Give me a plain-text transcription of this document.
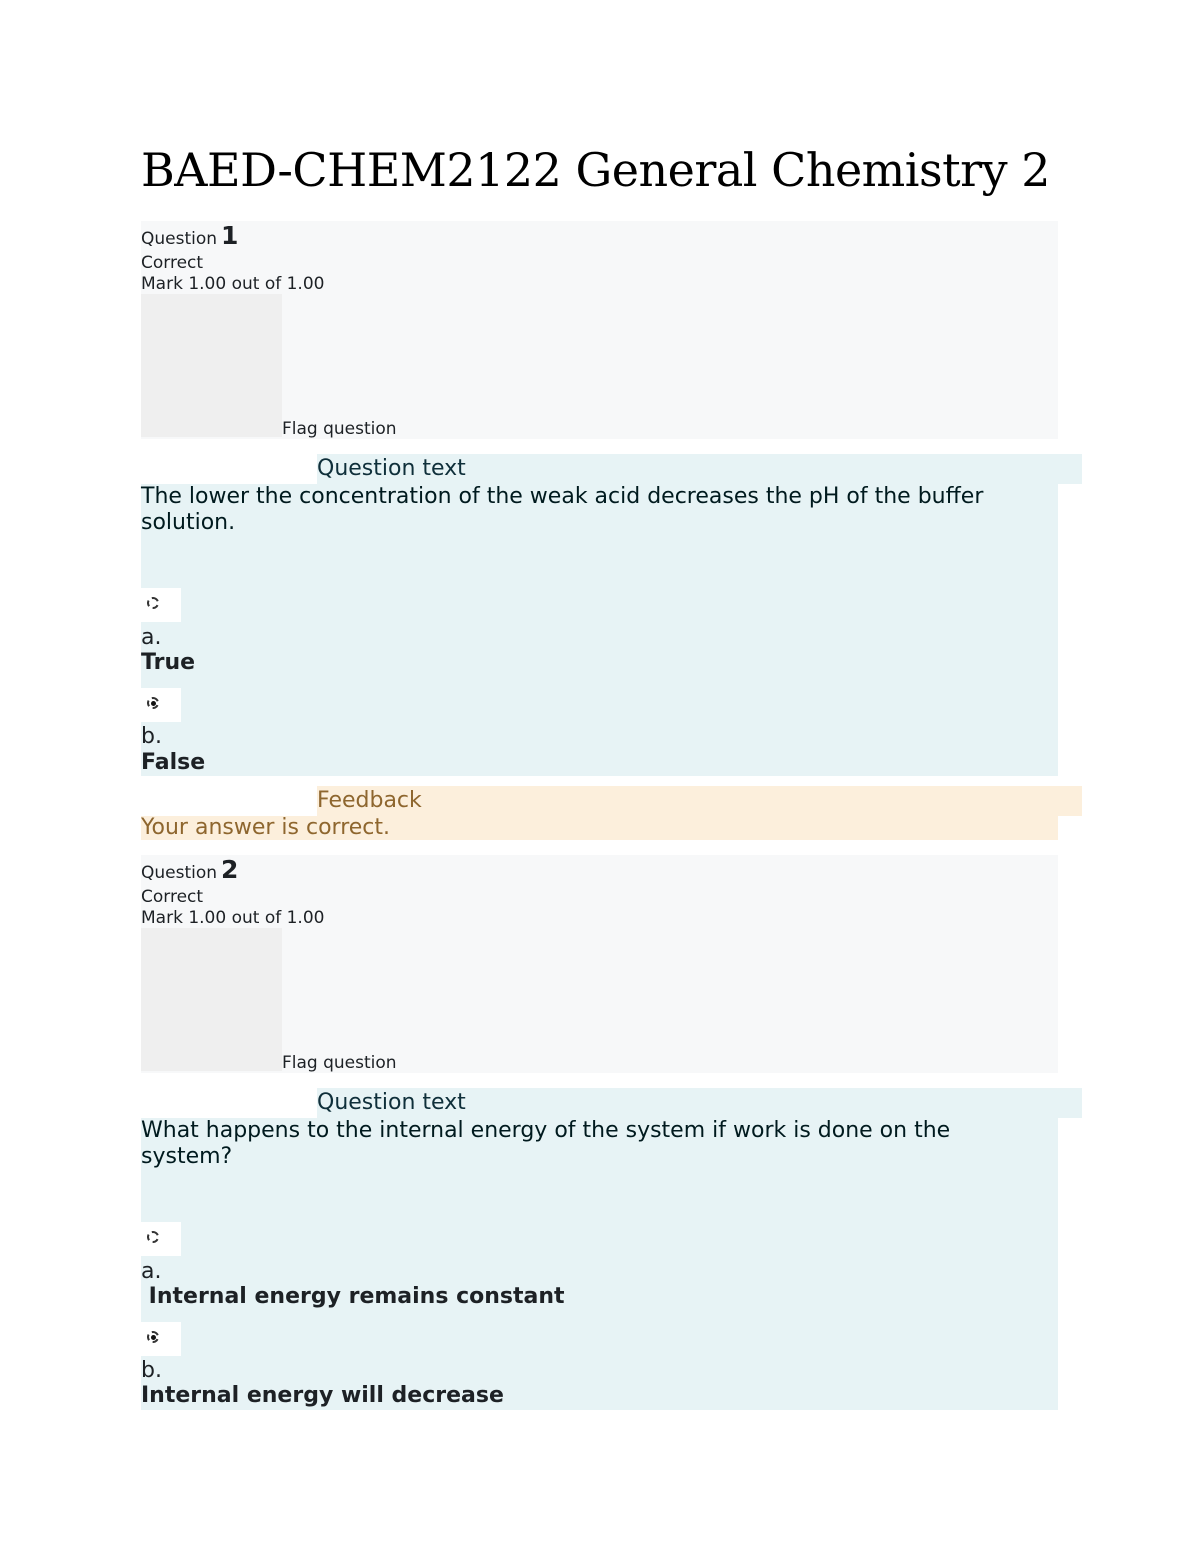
BAED-CHEM2122 General Chemistry 2
Question 1
Correct
Mark 1.00 out of 1.00
Flag question
Question text
The lower the concentration of the weak acid decreases the pH of the buffer solution.
a.
True
b.
False
Feedback
Your answer is correct.
Question 2
Correct
Mark 1.00 out of 1.00
Flag question
Question text
What happens to the internal energy of the system if work is done on the system?
a.
Internal energy remains constant
b.
Internal energy will decrease
